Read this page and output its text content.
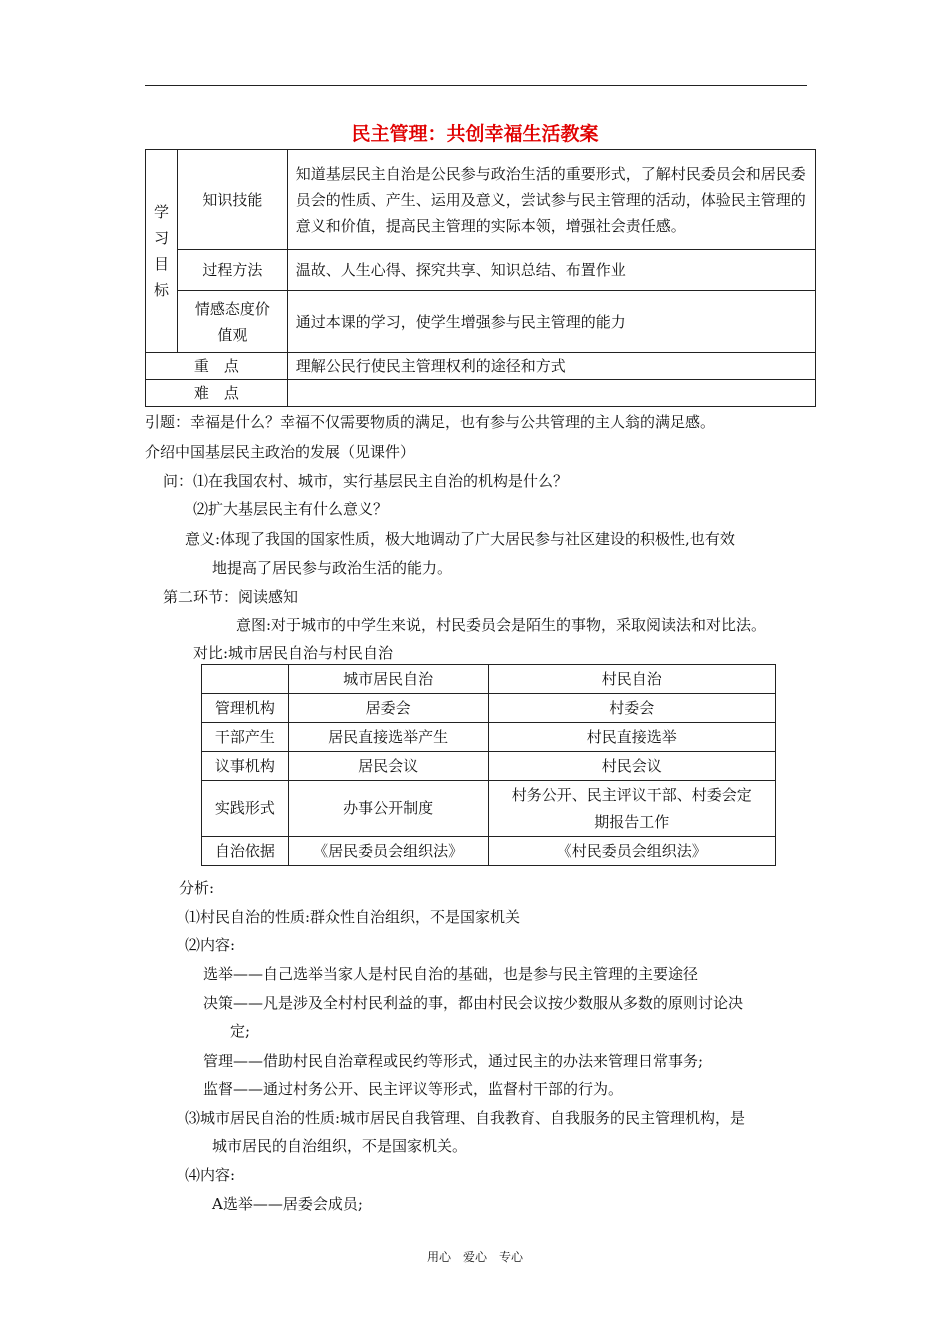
民主管理：共创幸福生活教案
学
习
目
标	知识技能	知道基层民主自治是公民参与政治生活的重要形式，了解村民委员会和居民委员会的性质、产生、运用及意义，尝试参与民主管理的活动，体验民主管理的意义和价值，提高民主管理的实际本领，增强社会责任感。
	过程方法	温故、人生心得、探究共享、知识总结、布置作业

	情感态度价
值观	通过本课的学习，使学生增强参与民主管理的能力
重　点		理解公民行使民主管理权利的途径和方式
难　点		
引题：幸福是什么？幸福不仅需要物质的满足，也有参与公共管理的主人翁的满足感。
介绍中国基层民主政治的发展（见课件）
问：⑴在我国农村、城市，实行基层民主自治的机构是什么？
⑵扩大基层民主有什么意义？
意义:体现了我国的国家性质，极大地调动了广大居民参与社区建设的积极性,也有效
地提高了居民参与政治生活的能力。
第二环节：阅读感知
意图:对于城市的中学生来说，村民委员会是陌生的事物，采取阅读法和对比法。
对比:城市居民自治与村民自治
	城市居民自治	村民自治
管理机构	居委会	村委会
干部产生	居民直接选举产生	村民直接选举
议事机构	居民会议	村民会议
实践形式	办事公开制度	村务公开、民主评议干部、村委会定
期报告工作

自治依据	《居民委员会组织法》	《村民委员会组织法》
分析:
⑴村民自治的性质:群众性自治组织，不是国家机关
⑵内容:
选举——自己选举当家人是村民自治的基础，也是参与民主管理的主要途径
决策——凡是涉及全村村民利益的事，都由村民会议按少数服从多数的原则讨论决
定;
管理——借助村民自治章程或民约等形式，通过民主的办法来管理日常事务;
监督——通过村务公开、民主评议等形式，监督村干部的行为。
⑶城市居民自治的性质:城市居民自我管理、自我教育、自我服务的民主管理机构，是
城市居民的自治组织，不是国家机关。
⑷内容:
A选举——居委会成员;
用心　爱心　专心
